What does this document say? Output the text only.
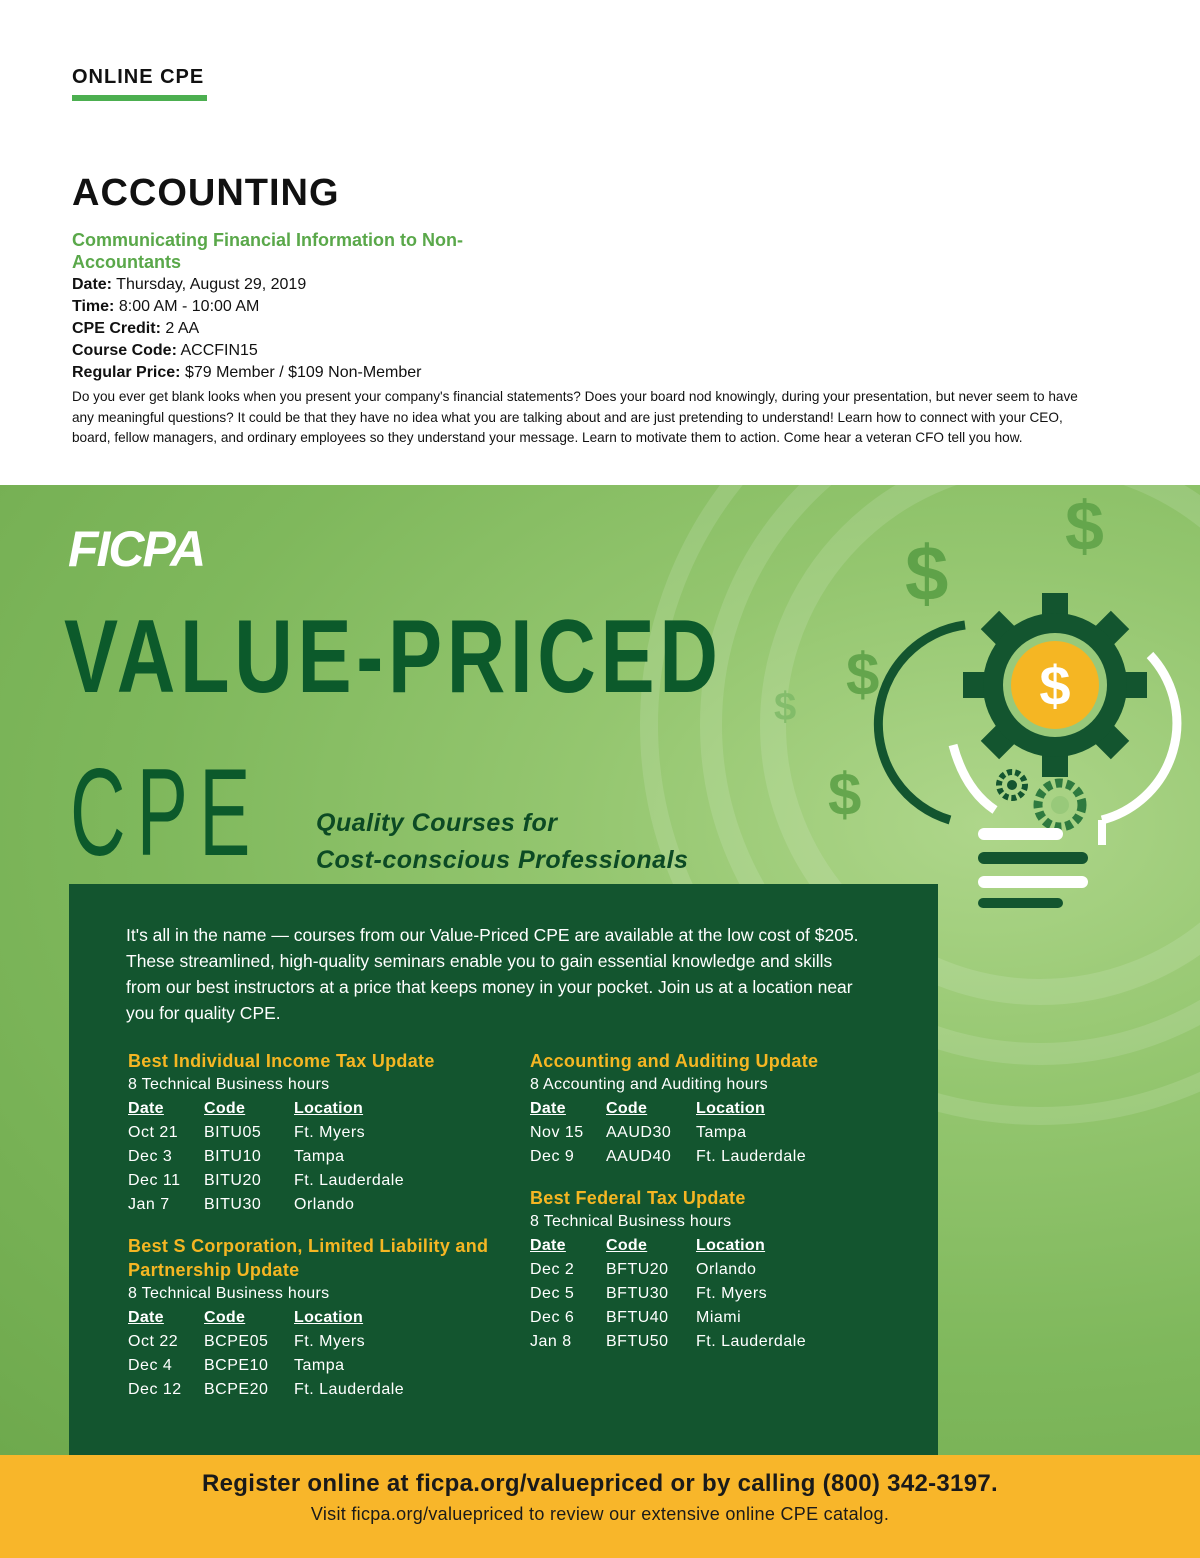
ONLINE CPE
ACCOUNTING
Communicating Financial Information to Non-Accountants
Date: Thursday, August 29, 2019
Time: 8:00 AM - 10:00 AM
CPE Credit: 2 AA
Course Code: ACCFIN15
Regular Price: $79 Member / $109 Non-Member
Do you ever get blank looks when you present your company's financial statements? Does your board nod knowingly, during your presentation, but never seem to have any meaningful questions? It could be that they have no idea what you are talking about and are just pretending to understand! Learn how to connect with your CEO, board, fellow managers, and ordinary employees so they understand your message. Learn to motivate them to action. Come hear a veteran CFO tell you how.
FICPA
VALUE-PRICED
CPE Quality Courses for
Cost-conscious Professionals
$
$
$
$
$
$
It's all in the name — courses from our Value-Priced CPE are available at the low cost of $205. These streamlined, high-quality seminars enable you to gain essential knowledge and skills from our best instructors at a price that keeps money in your pocket. Join us at a location near you for quality CPE.
Best Individual Income Tax Update
8 Technical Business hours
Date	Code	Location
Oct 21	BITU05	Ft. Myers
Dec 3	BITU10	Tampa
Dec 11	BITU20	Ft. Lauderdale
Jan 7	BITU30	Orlando
Best S Corporation, Limited Liability and Partnership Update
8 Technical Business hours
Date	Code	Location
Oct 22	BCPE05	Ft. Myers
Dec 4	BCPE10	Tampa
Dec 12	BCPE20	Ft. Lauderdale
Accounting and Auditing Update
8 Accounting and Auditing hours
Date	Code	Location
Nov 15	AAUD30	Tampa
Dec 9	AAUD40	Ft. Lauderdale
Best Federal Tax Update
8 Technical Business hours
Date	Code	Location
Dec 2	BFTU20	Orlando
Dec 5	BFTU30	Ft. Myers
Dec 6	BFTU40	Miami
Jan 8	BFTU50	Ft. Lauderdale
Register online at ficpa.org/valuepriced or by calling (800) 342-3197.
Visit ficpa.org/valuepriced to review our extensive online CPE catalog.
